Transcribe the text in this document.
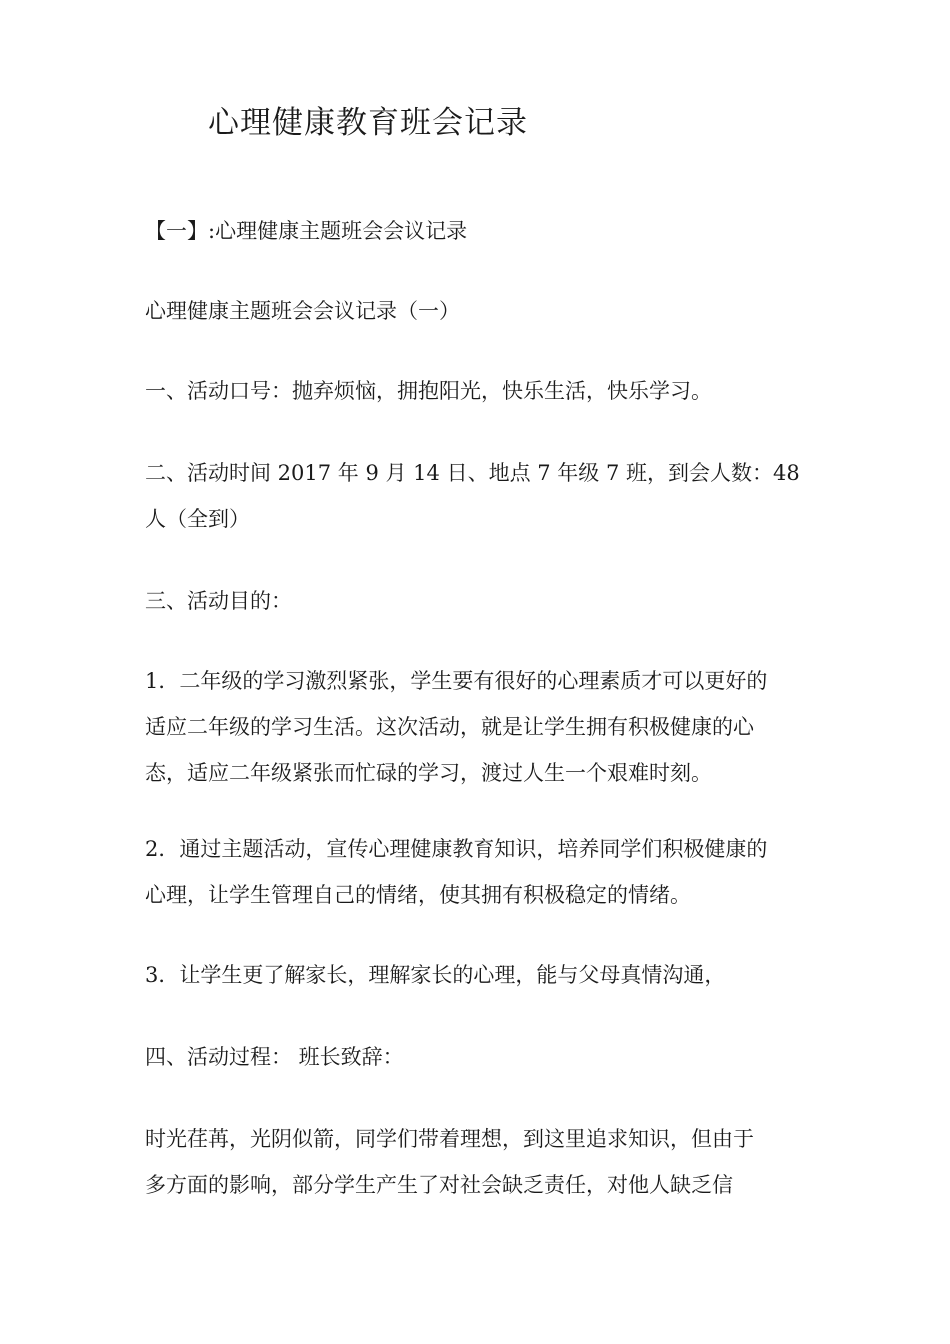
心理健康教育班会记录
【一】:心理健康主题班会会议记录
心理健康主题班会会议记录（一）
一、活动口号：抛弃烦恼，拥抱阳光，快乐生活，快乐学习。
二、活动时间 2017 年 9 月 14 日、地点 7 年级 7 班，到会人数：48
人（全到）
三、活动目的：
1．二年级的学习激烈紧张，学生要有很好的心理素质才可以更好的
适应二年级的学习生活。这次活动，就是让学生拥有积极健康的心
态，适应二年级紧张而忙碌的学习，渡过人生一个艰难时刻。
2．通过主题活动，宣传心理健康教育知识，培养同学们积极健康的
心理，让学生管理自己的情绪，使其拥有积极稳定的情绪。
3．让学生更了解家长，理解家长的心理，能与父母真情沟通，
四、活动过程： 班长致辞：
时光荏苒，光阴似箭，同学们带着理想，到这里追求知识，但由于
多方面的影响，部分学生产生了对社会缺乏责任，对他人缺乏信
